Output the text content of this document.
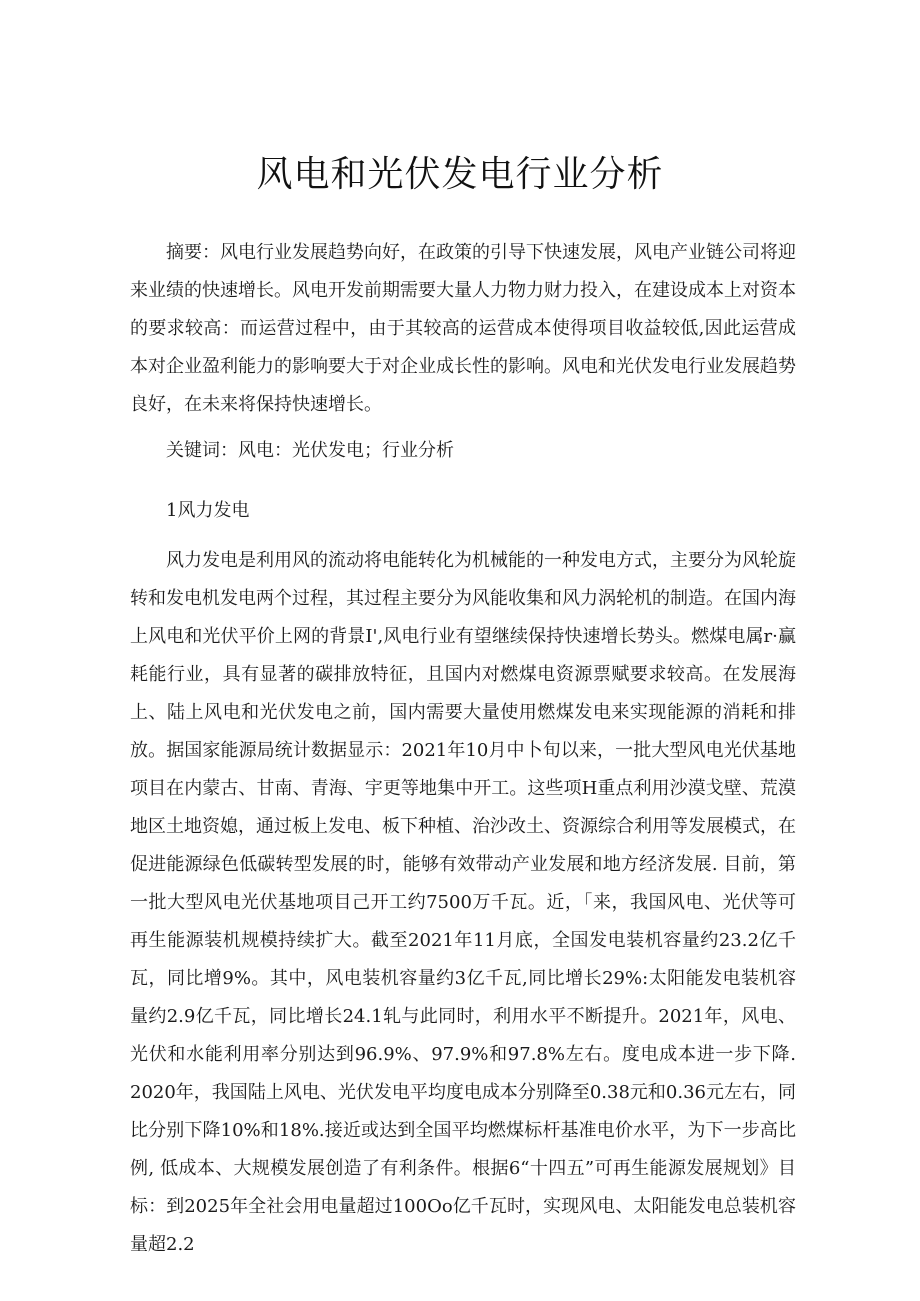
风电和光伏发电行业分析

摘要：风电行业发展趋势向好，在政策的引导下快速发展，风电产业链公司将迎来业绩的快速增长。风电开发前期需要大量人力物力财力投入，在建设成本上对资本的要求较高：而运营过程中，由于其较高的运营成本使得项目收益较低,因此运营成本对企业盈利能力的影响要大于对企业成长性的影响。风电和光伏发电行业发展趋势良好，在未来将保持快速增长。

关键词：风电：光伏发电；行业分析

1风力发电

风力发电是利用风的流动将电能转化为机械能的一种发电方式，主要分为风轮旋转和发电机发电两个过程，其过程主要分为风能收集和风力涡轮机的制造。在国内海上风电和光伏平价上网的背景I',风电行业有望继续保持快速增长势头。燃煤电属r·赢耗能行业，具有显著的碳排放特征，且国内对燃煤电资源票赋要求较高。在发展海上、陆上风电和光伏发电之前，国内需要大量使用燃煤发电来实现能源的消耗和排放。据国家能源局统计数据显示：2021年10月中卜旬以来，一批大型风电光伏基地项目在内蒙古、甘南、青海、宇更等地集中开工。这些项H重点利用沙漠戈壁、荒漠地区土地资媳，通过板上发电、板下种植、治沙改土、资源综合利用等发展模式，在促进能源绿色低碳转型发展的时，能够有效带动产业发展和地方经济发展. 目前，第一批大型风电光伏基地项目己开工约7500万千瓦。近，「来，我国风电、光伏等可再生能源装机规模持续扩大。截至2021年11月底，全国发电装机容量约23.2亿千瓦，同比增9%。其中，风电装机容量约3亿千瓦,同比增长29%:太阳能发电装机容量约2.9亿千瓦，同比增长24.1轧与此同时，利用水平不断提升。2021年，风电、光伏和水能利用率分别达到96.9%、97.9%和97.8%左右。度电成本进一步下降. 2020年，我国陆上风电、光伏发电平均度电成本分别降至0.38元和0.36元左右，同比分别下降10%和18%.接近或达到全国平均燃煤标杆基准电价水平，为下一步高比例, 低成本、大规模发展创造了有利条件。根据6“十四五”可再生能源发展规划》目标：到2025年全社会用电量超过100Oo亿千瓦时，实现风电、太阳能发电总装机容量超2.2
